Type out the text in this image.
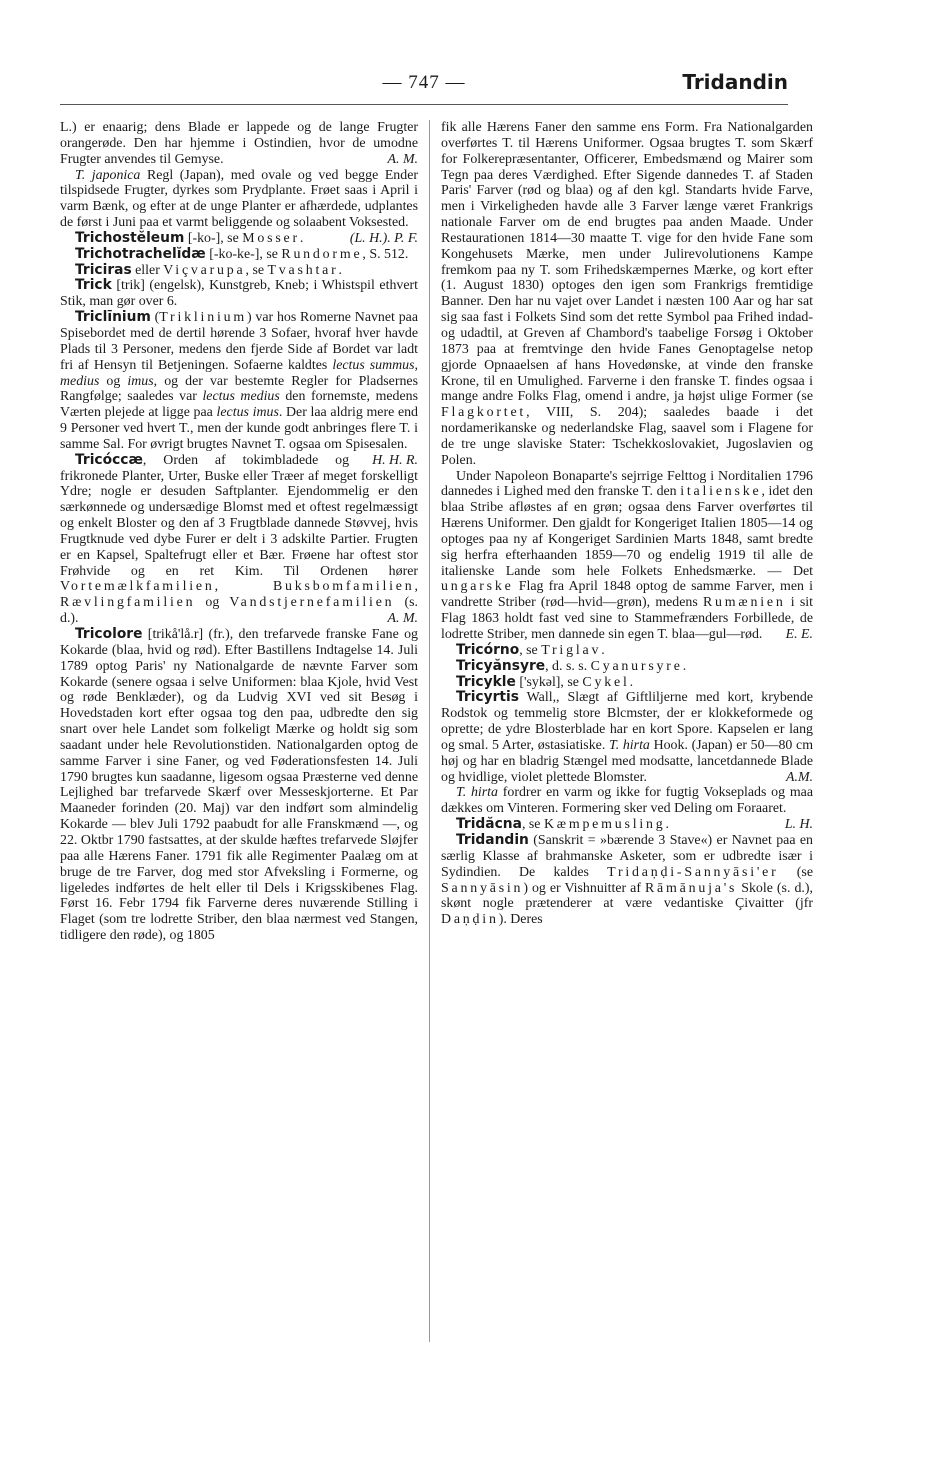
— 747 —	Tridandin

L.) er enaarig; dens Blade er lappede og de lange Frugter orangerøde. Den har hjemme i Ostindien, hvor de umodne Frugter anvendes til Gemyse.	A. M.

T. japonica Regl (Japan), med ovale og ved begge Ender tilspidsede Frugter, dyrkes som Prydplante. Frøet saas i April i varm Bænk, og efter at de unge Planter er afhærdede, udplantes de først i Juni paa et varmt beliggende og solaabent Voksested.
(L. H.). P. F.

Trichostĕleum [-ko-], se Mosser.

Trichotrachelĭdæ [-ko-ke-], se Rundorme, S. 512.

Triciras eller Viçvarupa, se Tvashtar.

Trick [trik] (engelsk), Kunstgreb, Kneb; i Whistspil ethvert Stik, man gør over 6.

Triclīnium (Triklinium) var hos Romerne Navnet paa Spisebordet med de dertil hørende 3 Sofaer, hvoraf hver havde Plads til 3 Personer, medens den fjerde Side af Bordet var ladt fri af Hensyn til Betjeningen. Sofaerne kaldtes lectus summus, medius og imus, og der var bestemte Regler for Pladsernes Rangfølge; saaledes var lectus medius den fornemste, medens Værten plejede at ligge paa lectus imus. Der laa aldrig mere end 9 Personer ved hvert T., men der kunde godt anbringes flere T. i samme Sal. For øvrigt brugtes Navnet T. ogsaa om Spisesalen.
H. H. R.

Tricóccæ, Orden af tokimbladede og frikronede Planter, Urter, Buske eller Træer af meget forskelligt Ydre; nogle er desuden Saftplanter. Ejendommelig er den særkønnede og undersædige Blomst med et oftest regelmæssigt og enkelt Bloster og den af 3 Frugtblade dannede Støvvej, hvis Frugtknude ved dybe Furer er delt i 3 adskilte Partier. Frugten er en Kapsel, Spaltefrugt eller et Bær. Frøene har oftest stor Frøhvide og en ret Kim. Til Ordenen hører Vortemælkfamilien, Buksbomfamilien, Rævlingfamilien og Vandstjernefamilien (s. d.).	A. M.

Tricolore [trikå'lå.r] (fr.), den trefarvede franske Fane og Kokarde (blaa, hvid og rød). Efter Bastillens Indtagelse 14. Juli 1789 optog Paris' ny Nationalgarde de nævnte Farver som Kokarde (senere ogsaa i selve Uniformen: blaa Kjole, hvid Vest og røde Benklæder), og da Ludvig XVI ved sit Besøg i Hovedstaden kort efter ogsaa tog den paa, udbredte den sig snart over hele Landet som folkeligt Mærke og holdt sig som saadant under hele Revolutionstiden. Nationalgarden optog de samme Farver i sine Faner, og ved Føderationsfesten 14. Juli 1790 brugtes kun saadanne, ligesom ogsaa Præsterne ved denne Lejlighed bar trefarvede Skærf over Messeskjorterne. Et Par Maaneder forinden (20. Maj) var den indført som almindelig Kokarde — blev Juli 1792 paabudt for alle Franskmænd —, og 22. Oktbr 1790 fastsattes, at der skulde hæftes trefarvede Sløjfer paa alle Hærens Faner. 1791 fik alle Regimenter Paalæg om at bruge de tre Farver, dog med stor Afveksling i Formerne, og ligeledes indførtes de helt eller til Dels i Krigsskibenes Flag. Først 16. Febr 1794 fik Farverne deres nuværende Stilling i Flaget (som tre lodrette Striber, den blaa nærmest ved Stangen, tidligere den røde), og 1805

fik alle Hærens Faner den samme ens Form. Fra Nationalgarden overførtes T. til Hærens Uniformer. Ogsaa brugtes T. som Skærf for Folkerepræsentanter, Officerer, Embedsmænd og Mairer som Tegn paa deres Værdighed. Efter Sigende dannedes T. af Staden Paris' Farver (rød og blaa) og af den kgl. Standarts hvide Farve, men i Virkeligheden havde alle 3 Farver længe været Frankrigs nationale Farver om de end brugtes paa anden Maade. Under Restaurationen 1814—30 maatte T. vige for den hvide Fane som Kongehusets Mærke, men under Julirevolutionens Kampe fremkom paa ny T. som Frihedskæmpernes Mærke, og kort efter (1. August 1830) optoges den igen som Frankrigs fremtidige Banner. Den har nu vajet over Landet i næsten 100 Aar og har sat sig saa fast i Folkets Sind som det rette Symbol paa Frihed indad- og udadtil, at Greven af Chambord's taabelige Forsøg i Oktober 1873 paa at fremtvinge den hvide Fanes Genoptagelse netop gjorde Opnaaelsen af hans Hovedønske, at vinde den franske Krone, til en Umulighed. Farverne i den franske T. findes ogsaa i mange andre Folks Flag, omend i andre, ja højst ulige Former (se Flagkortet, VIII, S. 204); saaledes baade i det nordamerikanske og nederlandske Flag, saavel som i Flagene for de tre unge slaviske Stater: Tschekkoslovakiet, Jugoslavien og Polen.

Under Napoleon Bonaparte's sejrrige Felttog i Norditalien 1796 dannedes i Lighed med den franske T. den italienske, idet den blaa Stribe afløstes af en grøn; ogsaa dens Farver overførtes til Hærens Uniformer. Den gjaldt for Kongeriget Italien 1805—14 og optoges paa ny af Kongeriget Sardinien Marts 1848, samt bredte sig herfra efterhaanden 1859—70 og endelig 1919 til alle de italienske Lande som hele Folkets Enhedsmærke. — Det ungarske Flag fra April 1848 optog de samme Farver, men i vandrette Striber (rød—hvid—grøn), medens Rumænien i sit Flag 1863 holdt fast ved sine to Stammefrænders Forbillede, de lodrette Striber, men dannede sin egen T. blaa—gul—rød.	E. E.

Tricórno, se Triglav.

Tricyănsyre, d. s. s. Cyanursyre.

Tricykle ['sykəl], se Cykel.

Tricyrtis Wall,, Slægt af Giftliljerne med kort, krybende Rodstok og temmelig store Blcmster, der er klokkeformede og oprette; de ydre Blosterblade har en kort Spore. Kapselen er lang og smal. 5 Arter, østasiatiske. T. hirta Hook. (Japan) er 50—80 cm høj og har en bladrig Stængel med modsatte, lancetdannede Blade og hvidlige, violet plettede Blomster.	A.M.

T. hirta fordrer en varm og ikke for fugtig Vokseplads og maa dækkes om Vinteren. Formering sker ved Deling om Foraaret.
L. H.

Tridăcna, se Kæmpemusling.

Tridandin (Sanskrit = »bærende 3 Stave«) er Navnet paa en særlig Klasse af brahmanske Asketer, som er udbredte især i Sydindien. De kaldes Tridaṇḍi-Sannyāsi'er (se Sannyāsin) og er Vishnuitter af Rāmānuja's Skole (s. d.), skønt nogle prætenderer at være vedantiske Çivaitter (jfr Daṇḍin). Deres
